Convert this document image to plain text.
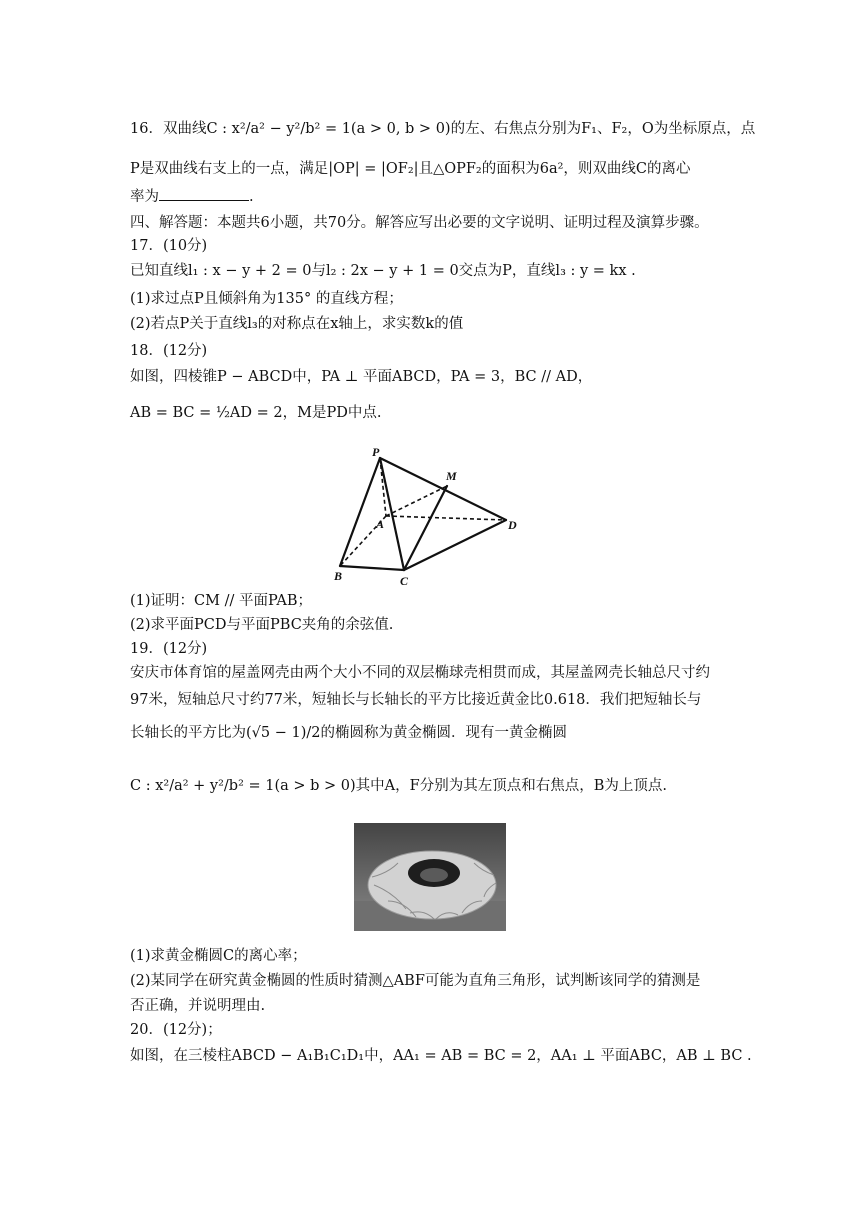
16．双曲线C : x²/a² − y²/b² = 1(a > 0, b > 0)的左、右焦点分别为F₁、F₂，O为坐标原点，点
P是双曲线右支上的一点，满足|OP| = |OF₂|且△OPF₂的面积为6a²，则双曲线C的离心
率为	.
四、解答题：本题共6小题，共70分。解答应写出必要的文字说明、证明过程及演算步骤。
17．(10分)
已知直线l₁ : x − y + 2 = 0与l₂ : 2x − y + 1 = 0交点为P，直线l₃ : y = kx .
(1)求过点P且倾斜角为135° 的直线方程；
(2)若点P关于直线l₃的对称点在x轴上，求实数k的值
18．(12分)
如图，四棱锥P − ABCD中，PA ⊥ 平面ABCD，PA = 3，BC // AD，
AB = BC = ½AD = 2，M是PD中点.
P
M
A	D
B	C
(1)证明：CM // 平面PAB；
(2)求平面PCD与平面PBC夹角的余弦值.
19．(12分)
安庆市体育馆的屋盖网壳由两个大小不同的双层椭球壳相贯而成，其屋盖网壳长轴总尺寸约
97米，短轴总尺寸约77米，短轴长与长轴长的平方比接近黄金比0.618．我们把短轴长与
长轴长的平方比为(√5 − 1)/2的椭圆称为黄金椭圆．现有一黄金椭圆
C : x²/a² + y²/b² = 1(a > b > 0)其中A，F分别为其左顶点和右焦点，B为上顶点.
(1)求黄金椭圆C的离心率；
(2)某同学在研究黄金椭圆的性质时猜测△ABF可能为直角三角形，试判断该同学的猜测是
否正确，并说明理由.
20．(12分)；
如图，在三棱柱ABCD − A₁B₁C₁D₁中，AA₁ = AB = BC = 2，AA₁ ⊥ 平面ABC，AB ⊥ BC .
